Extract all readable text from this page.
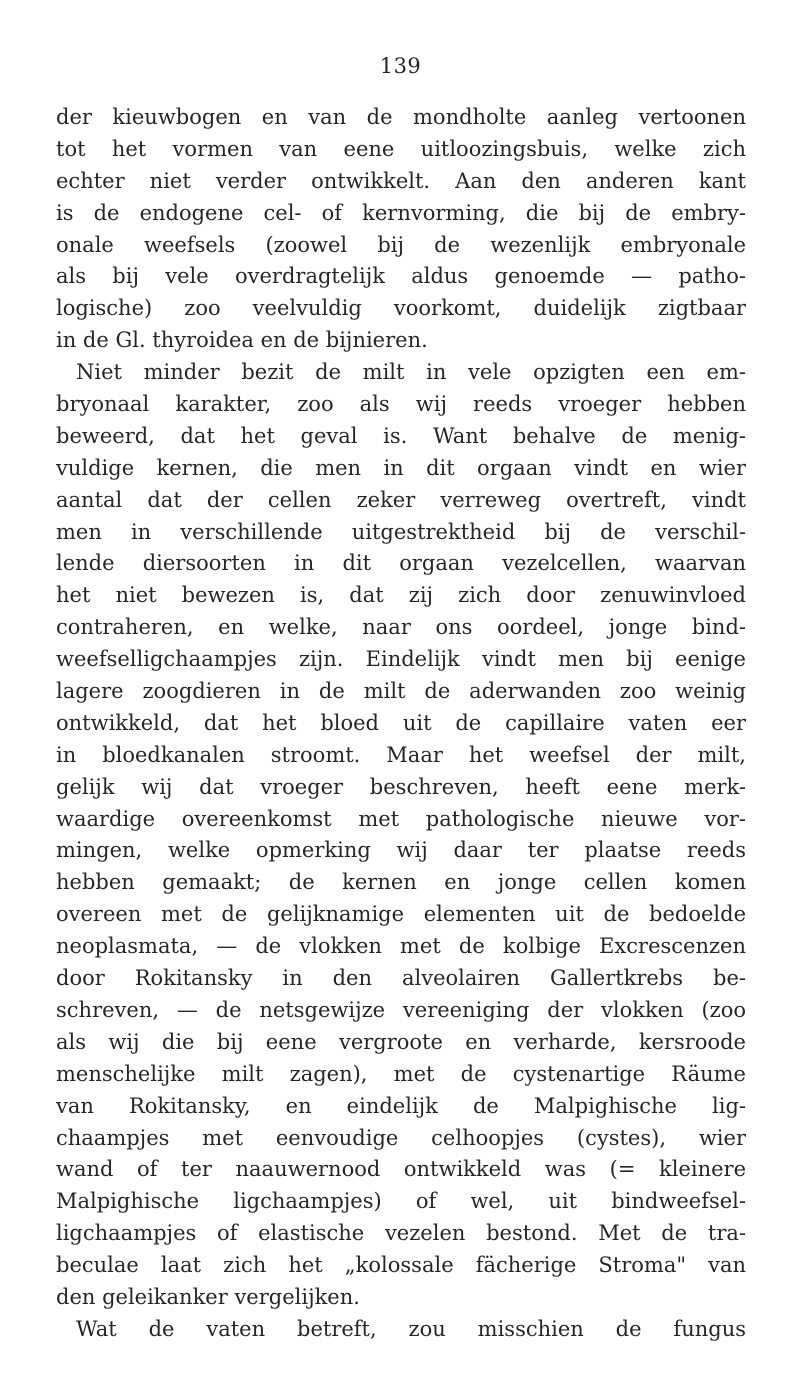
139
der kieuwbogen en van de mondholte aanleg vertoonen
tot het vormen van eene uitloozingsbuis, welke zich
echter niet verder ontwikkelt. Aan den anderen kant
is de endogene cel- of kernvorming, die bij de embry-
onale weefsels (zoowel bij de wezenlijk embryonale
als bij vele overdragtelijk aldus genoemde — patho-
logische) zoo veelvuldig voorkomt, duidelijk zigtbaar
in de Gl. thyroidea en de bijnieren.
Niet minder bezit de milt in vele opzigten een em-
bryonaal karakter, zoo als wij reeds vroeger hebben
beweerd, dat het geval is. Want behalve de menig-
vuldige kernen, die men in dit orgaan vindt en wier
aantal dat der cellen zeker verreweg overtreft, vindt
men in verschillende uitgestrektheid bij de verschil-
lende diersoorten in dit orgaan vezelcellen, waarvan
het niet bewezen is, dat zij zich door zenuwinvloed
contraheren, en welke, naar ons oordeel, jonge bind-
weefselligchaampjes zijn. Eindelijk vindt men bij eenige
lagere zoogdieren in de milt de aderwanden zoo weinig
ontwikkeld, dat het bloed uit de capillaire vaten eer
in bloedkanalen stroomt. Maar het weefsel der milt,
gelijk wij dat vroeger beschreven, heeft eene merk-
waardige overeenkomst met pathologische nieuwe vor-
mingen, welke opmerking wij daar ter plaatse reeds
hebben gemaakt; de kernen en jonge cellen komen
overeen met de gelijknamige elementen uit de bedoelde
neoplasmata, — de vlokken met de kolbige Excrescenzen
door Rokitansky in den alveolairen Gallertkrebs be-
schreven, — de netsgewijze vereeniging der vlokken (zoo
als wij die bij eene vergroote en verharde, kersroode
menschelijke milt zagen), met de cystenartige Räume
van Rokitansky, en eindelijk de Malpighische lig-
chaampjes met eenvoudige celhoopjes (cystes), wier
wand of ter naauwernood ontwikkeld was (= kleinere
Malpighische ligchaampjes) of wel, uit bindweefsel-
ligchaampjes of elastische vezelen bestond. Met de tra-
beculae laat zich het „kolossale fächerige Stroma" van
den geleikanker vergelijken.
Wat de vaten betreft, zou misschien de fungus
